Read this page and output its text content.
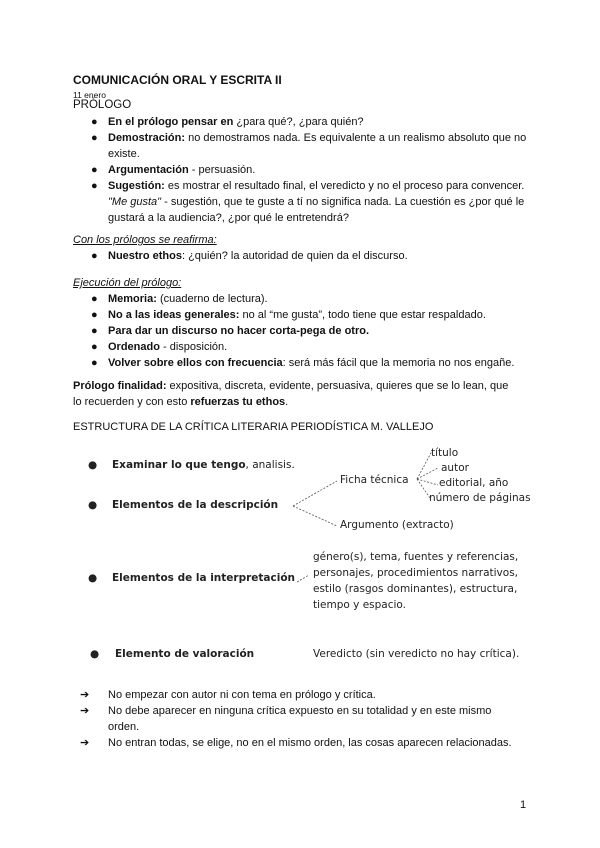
COMUNICACIÓN ORAL Y ESCRITA II
11 enero
PRÓLOGO
● En el prólogo pensar en ¿para qué?, ¿para quién?
● Demostración: no demostramos nada. Es equivalente a un realismo absoluto que no existe.
● Argumentación - persuasión.
● Sugestión: es mostrar el resultado final, el veredicto y no el proceso para convencer. "Me gusta" - sugestión, que te guste a tí no significa nada. La cuestión es ¿por qué le gustará a la audiencia?, ¿por qué le entretendrá?
Con los prólogos se reafirma:
● Nuestro ethos: ¿quién? la autoridad de quien da el discurso.
Ejecución del prólogo:
● Memoria: (cuaderno de lectura).
● No a las ideas generales: no al “me gusta”, todo tiene que estar respaldado.
● Para dar un discurso no hacer corta-pega de otro.
● Ordenado - disposición.
● Volver sobre ellos con frecuencia: será más fácil que la memoria no nos engañe.
Prólogo finalidad: expositiva, discreta, evidente, persuasiva, quieres que se lo lean, que lo recuerden y con esto refuerzas tu ethos.
ESTRUCTURA DE LA CRÍTICA LITERARIA PERIODÍSTICA M. VALLEJO
● Examinar lo que tengo, analisis.
Ficha técnica
título
autor
editorial, año
número de páginas
● Elementos de la descripción
Argumento (extracto)
● Elementos de la interpretación
género(s), tema, fuentes y referencias,
personajes, procedimientos narrativos,
estilo (rasgos dominantes), estructura,
tiempo y espacio.
● Elemento de valoración	Veredicto (sin veredicto no hay crítica).
➔ No empezar con autor ni con tema en prólogo y crítica.
➔ No debe aparecer en ninguna crítica expuesto en su totalidad y en este mismo orden.
➔ No entran todas, se elige, no en el mismo orden, las cosas aparecen relacionadas.
1
